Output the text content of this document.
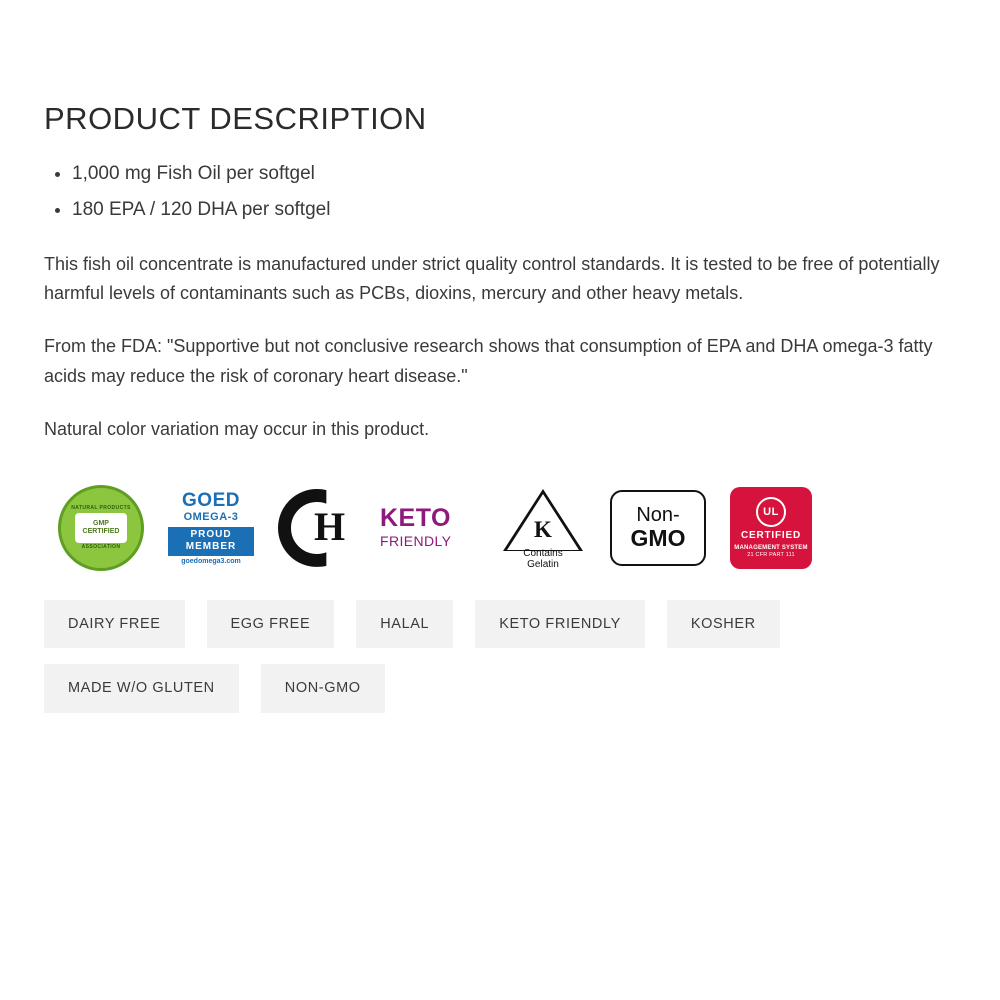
PRODUCT DESCRIPTION
• 1,000 mg Fish Oil per softgel
• 180 EPA / 120 DHA per softgel

This fish oil concentrate is manufactured under strict quality control standards. It is tested to be free of potentially harmful levels of contaminants such as PCBs, dioxins, mercury and other heavy metals.

From the FDA: "Supportive but not conclusive research shows that consumption of EPA and DHA omega-3 fatty acids may reduce the risk of coronary heart disease."

Natural color variation may occur in this product.

NATURAL PRODUCTS
GMP
CERTIFIED
ASSOCIATION
GOED
OMEGA-3
PROUD MEMBER
goedomega3.com
H KETO
FRIENDLY	K
Contains
Gelatin
Non-
GMO
UL
CERTIFIED
MANAGEMENT SYSTEM
21 CFR PART 111
DAIRY FREE	EGG FREE	HALAL	KETO FRIENDLY	KOSHER
MADE W/O GLUTEN	NON-GMO
